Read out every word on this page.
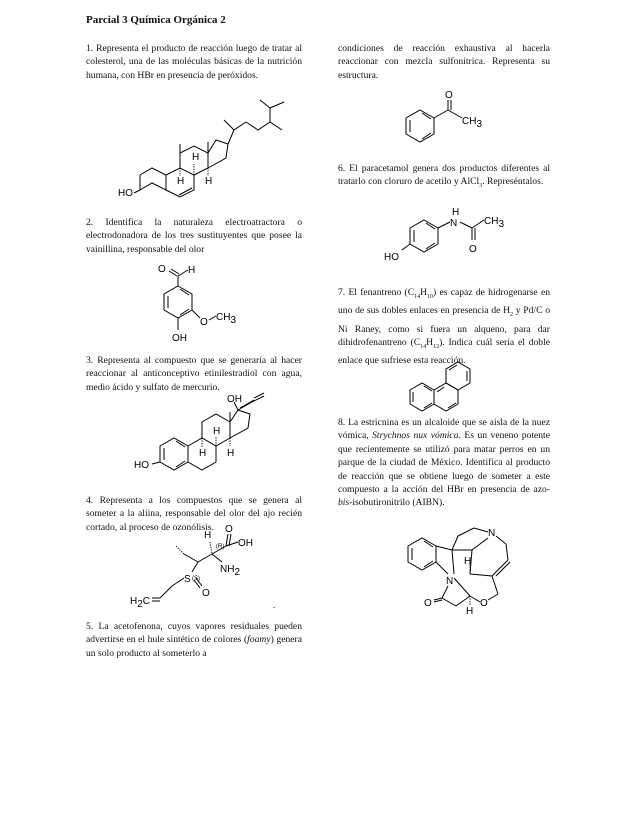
Parcial 3 Química Orgánica 2
1. Representa el producto de reacción luego de tratar al colesterol, una de las moléculas básicas de la nutrición humana, con HBr en presencia de peróxidos.
H
H H
HO
2. Identifica la naturaleza electroatractora o electrodonadora de los tres sustituyentes que posee la vainillina, responsable del olor
O H
O CH3
OH
3. Representa al compuesto que se generaría al hacer reaccionar al anticonceptivo etinilestradiol con agua, medio ácido y sulfato de mercurio.
OH
H
H H
HO
4. Representa a los compuestos que se genera al someter a la aliina, responsable del olor del ajo recién cortado, al proceso de ozonólisis.
H
(R)
O
OH
NH2
S (S)
O
H2C	.
5. La acetofenona, cuyos vapores residuales pueden advertirse en el hule sintético de colores (foamy) genera un solo producto al someterlo a
condiciones de reacción exhaustiva al hacerla reaccionar con mezcla sulfonítrica. Representa su estructura.
O
CH3
6. El paracetamol genera dos productos diferentes al tratarlo con cloruro de acetilo y AlCl$_3$. Represéntalos.
H
N	CH3
O
HO
7. El fenantreno $(C_{14}H_{10})$ es capaz de hidrogenarse en uno de sus dobles enlaces en presencia de $H_2$ y Pd/C o Ni Raney, como si fuera un alqueno, para dar dihidrofenantreno $(C_{14}H_{12})$. Indica cuál sería el doble enlace que sufriese esta reacción.
8. La estricnina es un alcaloide que se aísla de la nuez vómica, Strychnos nux vómica. Es un veneno potente que recientemente se utilizó para matar perros en un parque de la ciudad de México. Identifica al producto de reacción que se obtiene luego de someter a este compuesto a la acción del HBr en presencia de azo-bis-isobutironitrilo (AIBN).
N
N
H
O
H
O
